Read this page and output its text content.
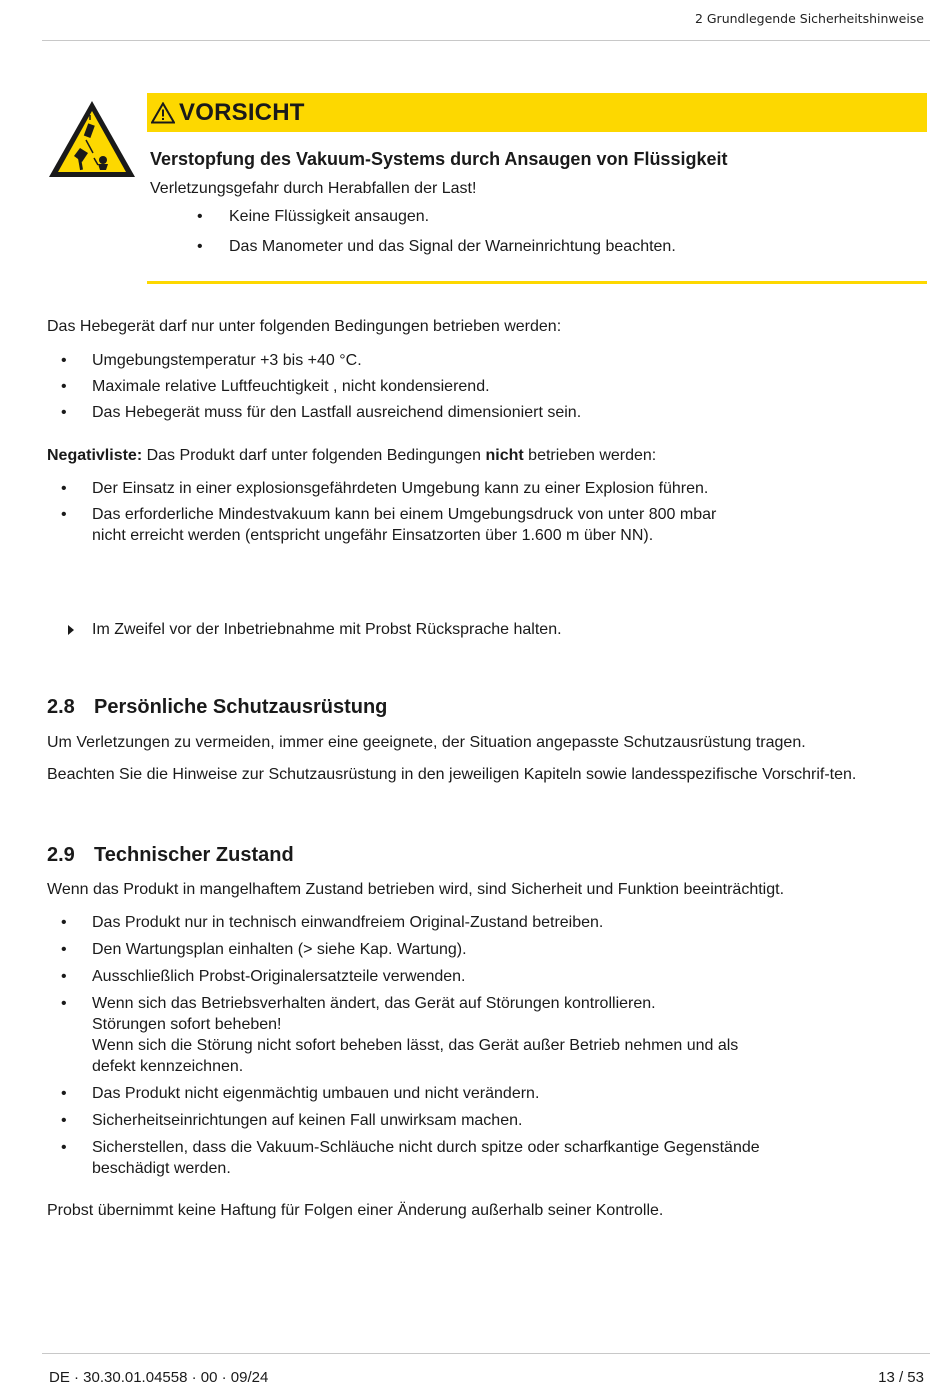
2 Grundlegende Sicherheitshinweise
VORSICHT
Verstopfung des Vakuum-Systems durch Ansaugen von Flüssigkeit
Verletzungsgefahr durch Herabfallen der Last!
• Keine Flüssigkeit ansaugen.
• Das Manometer und das Signal der Warneinrichtung beachten.

Das Hebegerät darf nur unter folgenden Bedingungen betrieben werden:

• Umgebungstemperatur +3 bis +40 °C.
• Maximale relative Luftfeuchtigkeit , nicht kondensierend.
• Das Hebegerät muss für den Lastfall ausreichend dimensioniert sein.

Negativliste: Das Produkt darf unter folgenden Bedingungen nicht betrieben werden:

• Der Einsatz in einer explosionsgefährdeten Umgebung kann zu einer Explosion führen.
• Das erforderliche Mindestvakuum kann bei einem Umgebungsdruck von unter 800 mbar nicht erreicht werden (entspricht ungefähr Einsatzorten über 1.600 m über NN).
Im Zweifel vor der Inbetriebnahme mit Probst Rücksprache halten.
2.8 Persönliche Schutzausrüstung

Um Verletzungen zu vermeiden, immer eine geeignete, der Situation angepasste Schutzausrüstung tragen.

Beachten Sie die Hinweise zur Schutzausrüstung in den jeweiligen Kapiteln sowie landesspezifische Vorschrif-ten.

2.9 Technischer Zustand

Wenn das Produkt in mangelhaftem Zustand betrieben wird, sind Sicherheit und Funktion beeinträchtigt.

• Das Produkt nur in technisch einwandfreiem Original-Zustand betreiben.
• Den Wartungsplan einhalten (> siehe Kap. Wartung).
• Ausschließlich Probst-Originalersatzteile verwenden.
• Wenn sich das Betriebsverhalten ändert, das Gerät auf Störungen kontrollieren.
Störungen sofort beheben!
Wenn sich die Störung nicht sofort beheben lässt, das Gerät außer Betrieb nehmen und als defekt kennzeichnen.
• Das Produkt nicht eigenmächtig umbauen und nicht verändern.
• Sicherheitseinrichtungen auf keinen Fall unwirksam machen.
• Sicherstellen, dass die Vakuum-Schläuche nicht durch spitze oder scharfkantige Gegenstände beschädigt werden.

Probst übernimmt keine Haftung für Folgen einer Änderung außerhalb seiner Kontrolle.

DE · 30.30.01.04558 · 00 · 09/24	13 / 53
